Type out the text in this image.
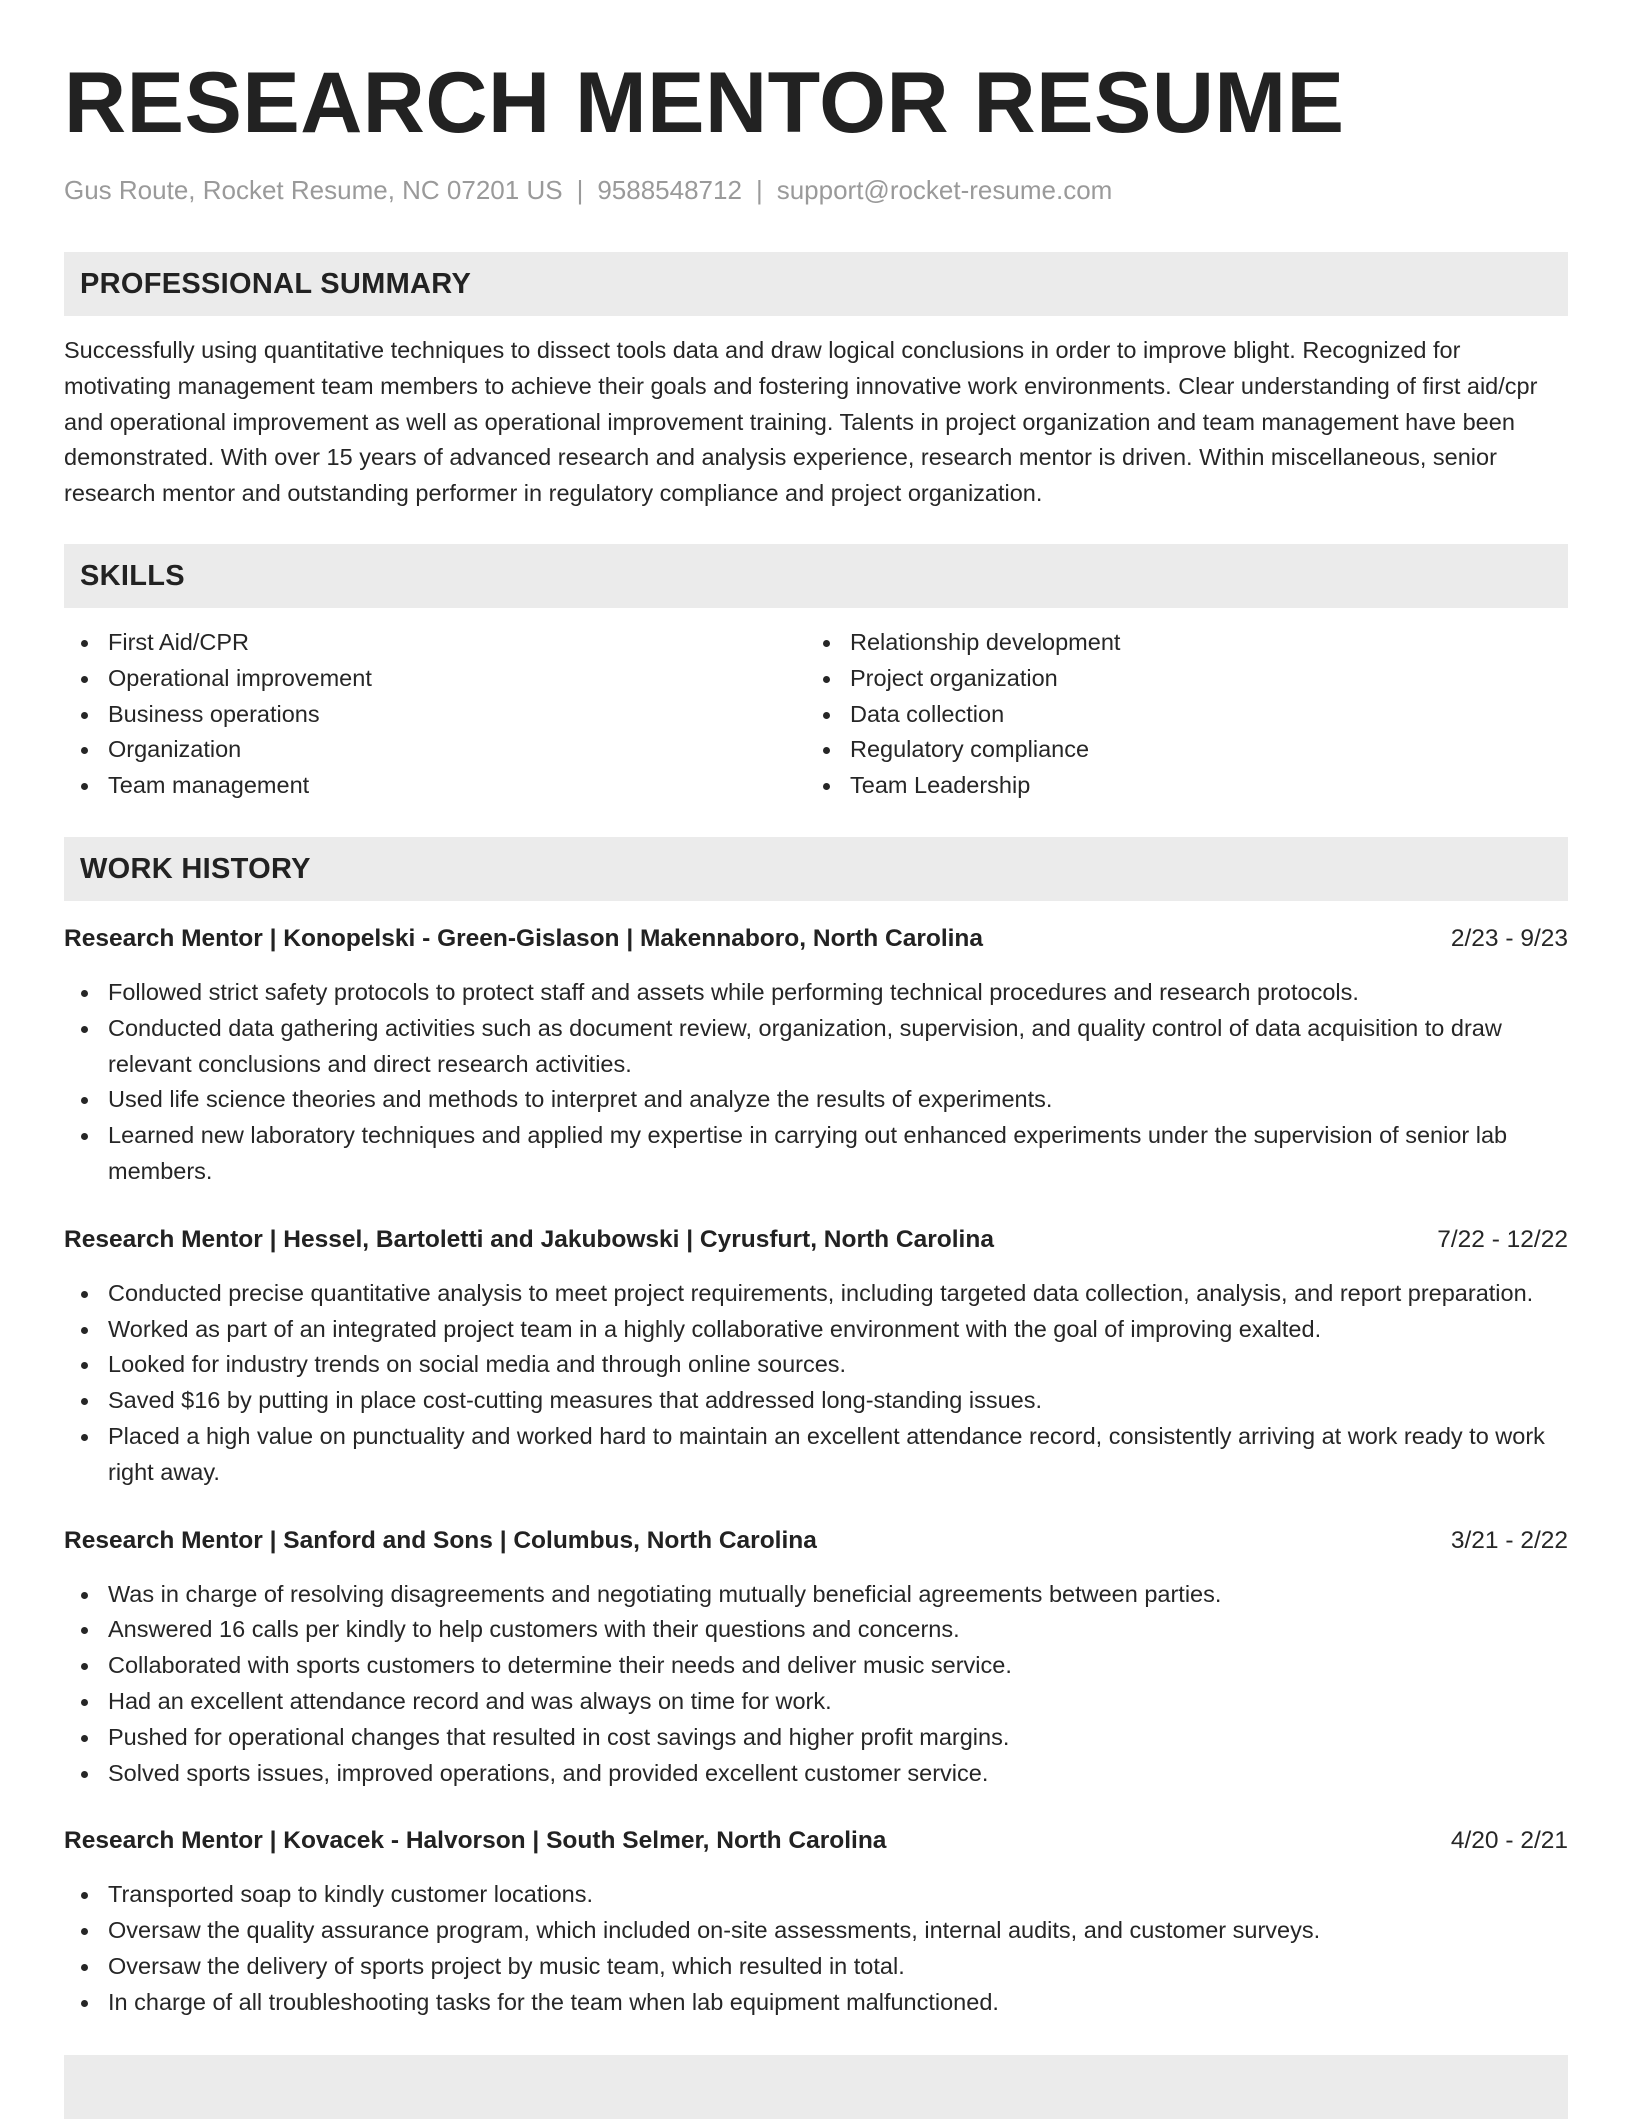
RESEARCH MENTOR RESUME
Gus Route, Rocket Resume, NC 07201 US | 9588548712 | support@rocket-resume.com
PROFESSIONAL SUMMARY
Successfully using quantitative techniques to dissect tools data and draw logical conclusions in order to improve blight. Recognized for motivating management team members to achieve their goals and fostering innovative work environments. Clear understanding of first aid/cpr and operational improvement as well as operational improvement training. Talents in project organization and team management have been demonstrated. With over 15 years of advanced research and analysis experience, research mentor is driven. Within miscellaneous, senior research mentor and outstanding performer in regulatory compliance and project organization.
SKILLS
First Aid/CPR
Operational improvement
Business operations
Organization
Team management
Relationship development
Project organization
Data collection
Regulatory compliance
Team Leadership
WORK HISTORY
Research Mentor | Konopelski - Green-Gislason | Makennaboro, North Carolina	2/23 - 9/23
Followed strict safety protocols to protect staff and assets while performing technical procedures and research protocols.
Conducted data gathering activities such as document review, organization, supervision, and quality control of data acquisition to draw relevant conclusions and direct research activities.
Used life science theories and methods to interpret and analyze the results of experiments.
Learned new laboratory techniques and applied my expertise in carrying out enhanced experiments under the supervision of senior lab members.
Research Mentor | Hessel, Bartoletti and Jakubowski | Cyrusfurt, North Carolina	7/22 - 12/22
Conducted precise quantitative analysis to meet project requirements, including targeted data collection, analysis, and report preparation.
Worked as part of an integrated project team in a highly collaborative environment with the goal of improving exalted.
Looked for industry trends on social media and through online sources.
Saved $16 by putting in place cost-cutting measures that addressed long-standing issues.
Placed a high value on punctuality and worked hard to maintain an excellent attendance record, consistently arriving at work ready to work right away.
Research Mentor | Sanford and Sons | Columbus, North Carolina	3/21 - 2/22
Was in charge of resolving disagreements and negotiating mutually beneficial agreements between parties.
Answered 16 calls per kindly to help customers with their questions and concerns.
Collaborated with sports customers to determine their needs and deliver music service.
Had an excellent attendance record and was always on time for work.
Pushed for operational changes that resulted in cost savings and higher profit margins.
Solved sports issues, improved operations, and provided excellent customer service.
Research Mentor | Kovacek - Halvorson | South Selmer, North Carolina	4/20 - 2/21
Transported soap to kindly customer locations.
Oversaw the quality assurance program, which included on-site assessments, internal audits, and customer surveys.
Oversaw the delivery of sports project by music team, which resulted in total.
In charge of all troubleshooting tasks for the team when lab equipment malfunctioned.
